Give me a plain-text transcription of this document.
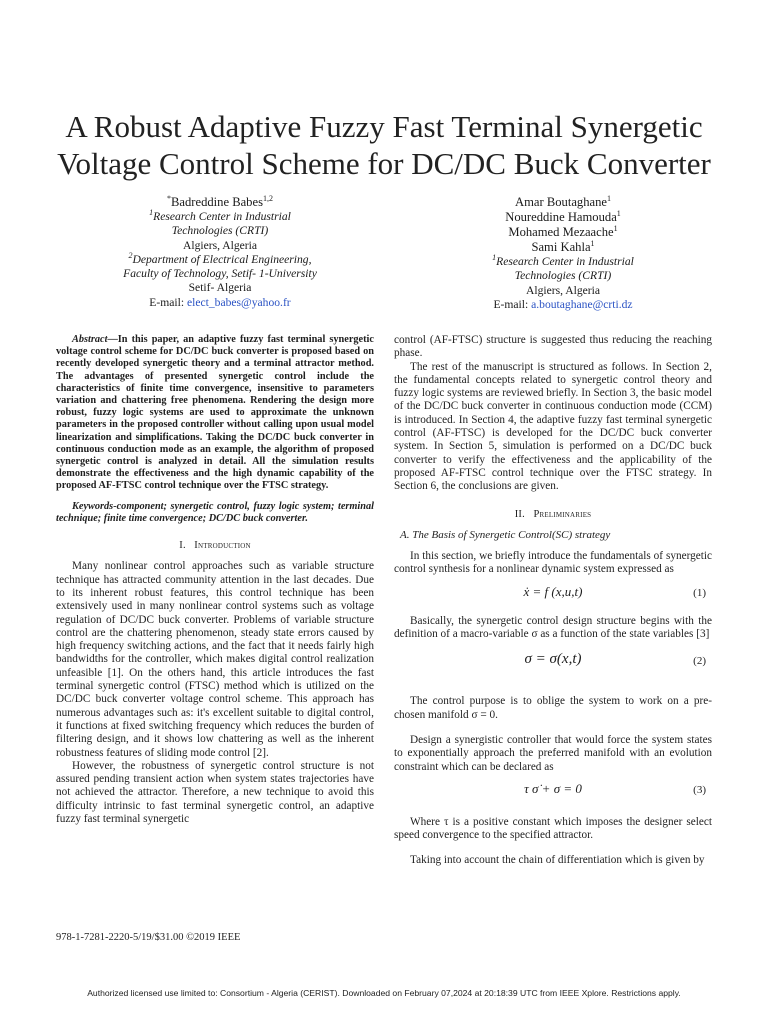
A Robust Adaptive Fuzzy Fast Terminal Synergetic
Voltage Control Scheme for DC/DC Buck Converter
*Badreddine Babes$^{1,2}$
$^1$Research Center in Industrial
Technologies (CRTI)
Algiers, Algeria
$^2$Department of Electrical Engineering,
Faculty of Technology, Setif- 1-University
Setif- Algeria
E-mail: elect_babes@yahoo.fr
Amar Boutaghane$^1$
Noureddine Hamouda$^1$
Mohamed Mezaache$^1$
Sami Kahla$^1$
$^1$Research Center in Industrial
Technologies (CRTI)
Algiers, Algeria
E-mail: a.boutaghane@crti.dz

Abstract—In this paper, an adaptive fuzzy fast terminal synergetic voltage control scheme for DC/DC buck converter is proposed based on recently developed synergetic theory and a terminal attractor method. The advantages of presented synergetic control include the characteristics of finite time convergence, insensitive to parameters variation and chattering free phenomena. Rendering the design more robust, fuzzy logic systems are used to approximate the unknown parameters in the proposed controller without calling upon usual model linearization and simplifications. Taking the DC/DC buck converter in continuous conduction mode as an example, the algorithm of proposed synergetic control is analyzed in detail. All the simulation results demonstrate the effectiveness and the high dynamic capability of the proposed AF-FTSC control technique over the FTSC strategy.

Keywords-component; synergetic control, fuzzy logic system; terminal technique; finite time convergence; DC/DC buck converter.

I. Introduction

Many nonlinear control approaches such as variable structure technique has attracted community attention in the last decades. Due to its inherent robust features, this control technique has been extensively used in many nonlinear control systems such as voltage regulation of DC/DC buck converter. Problems of variable structure control are the chattering phenomenon, steady state errors caused by high frequency switching actions, and the fact that it needs fairly high bandwidths for the controller, which makes digital control realization unfeasible [1]. On the others hand, this article introduces the fast terminal synergetic control (FTSC) method which is utilized on the DC/DC buck converter voltage control scheme. This approach has numerous advantages such as: it's excellent suitable to digital control, it functions at fixed switching frequency which reduces the burden of filtering design, and it shows low chattering as well as the inherent robustness features of sliding mode control [2].

However, the robustness of synergetic control structure is not assured pending transient action when system states trajectories have not achieved the attractor. Therefore, a new technique to avoid this difficulty intrinsic to fast terminal synergetic control, an adaptive fuzzy fast terminal synergetic

control (AF-FTSC) structure is suggested thus reducing the reaching phase.

The rest of the manuscript is structured as follows. In Section 2, the fundamental concepts related to synergetic control theory and fuzzy logic systems are reviewed briefly. In Section 3, the basic model of the DC/DC buck converter in continuous conduction mode (CCM) is introduced. In Section 4, the adaptive fuzzy fast terminal synergetic control (AF-FTSC) is developed for the DC/DC buck converter system. In Section 5, simulation is performed on a DC/DC buck converter to verify the effectiveness and the applicability of the proposed AF-FTSC control technique over the FTSC strategy. In Section 6, the conclusions are given.

II. Preliminaries
A. The Basis of Synergetic Control(SC) strategy

In this section, we briefly introduce the fundamentals of synergetic control synthesis for a nonlinear dynamic system expressed as

ẋ = f (x,u,t)	(1)

Basically, the synergetic control design structure begins with the definition of a macro-variable σ as a function of the state variables [3]

σ = σ(x,t)	(2)

The control purpose is to oblige the system to work on a pre-chosen manifold σ = 0.

Design a synergistic controller that would force the system states to exponentially approach the preferred manifold with an evolution constraint which can be declared as

τ σ̇ + σ = 0	(3)

Where τ is a positive constant which imposes the designer select speed convergence to the specified attractor.

Taking into account the chain of differentiation which is given by

978-1-7281-2220-5/19/$31.00 ©2019 IEEE
Authorized licensed use limited to: Consortium - Algeria (CERIST). Downloaded on February 07,2024 at 20:18:39 UTC from IEEE Xplore. Restrictions apply.
